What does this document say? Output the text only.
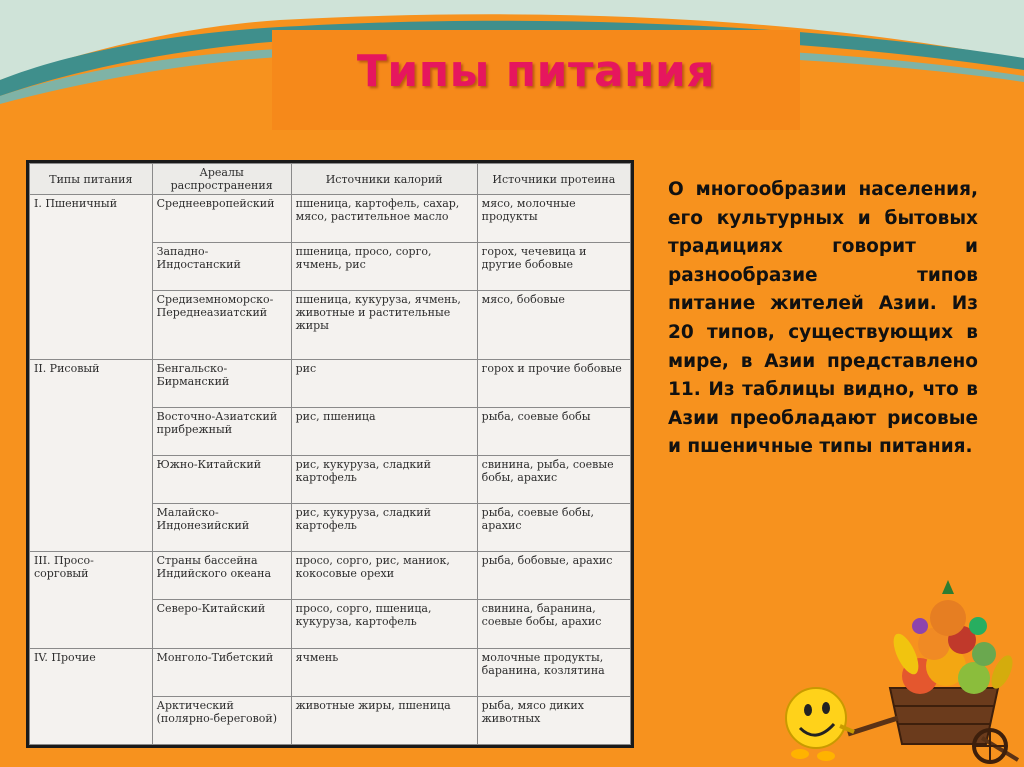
Типы питания
Типы питания	Ареалы распространения	Источники калорий	Источники протеина
I. Пшеничный	Среднеевропейский	пшеница, картофель, сахар, мясо, растительное масло	мясо, молочные продукты
	Западно-Индостанский	пшеница, просо, сорго, ячмень, рис	горох, чечевица и другие бобовые
	Средиземноморско-Переднеазиатский	пшеница, кукуруза, ячмень, животные и растительные жиры	мясо, бобовые
II. Рисовый	Бенгальско-Бирманский	рис	горох и прочие бобовые
	Восточно-Азиатский прибрежный	рис, пшеница	рыба, соевые бобы
	Южно-Китайский	рис, кукуруза, сладкий картофель	свинина, рыба, соевые бобы, арахис
	Малайско-Индонезийский	рис, кукуруза, сладкий картофель	рыба, соевые бобы, арахис
III. Просо-сорговый	Страны бассейна Индийского океана	просо, сорго, рис, маниок, кокосовые орехи	рыба, бобовые, арахис
	Северо-Китайский	просо, сорго, пшеница, кукуруза, картофель	свинина, баранина, соевые бобы, арахис
IV. Прочие	Монголо-Тибетский	ячмень	молочные продукты, баранина, козлятина
	Арктический (полярно-береговой)	животные жиры, пшеница	рыба, мясо диких животных
О многообразии населения, его культурных и бытовых традициях говорит и разнообразие типов питание жителей Азии. Из 20 типов, существующих в мире, в Азии представлено 11. Из таблицы видно, что в Азии преобладают рисовые и пшеничные типы питания.
